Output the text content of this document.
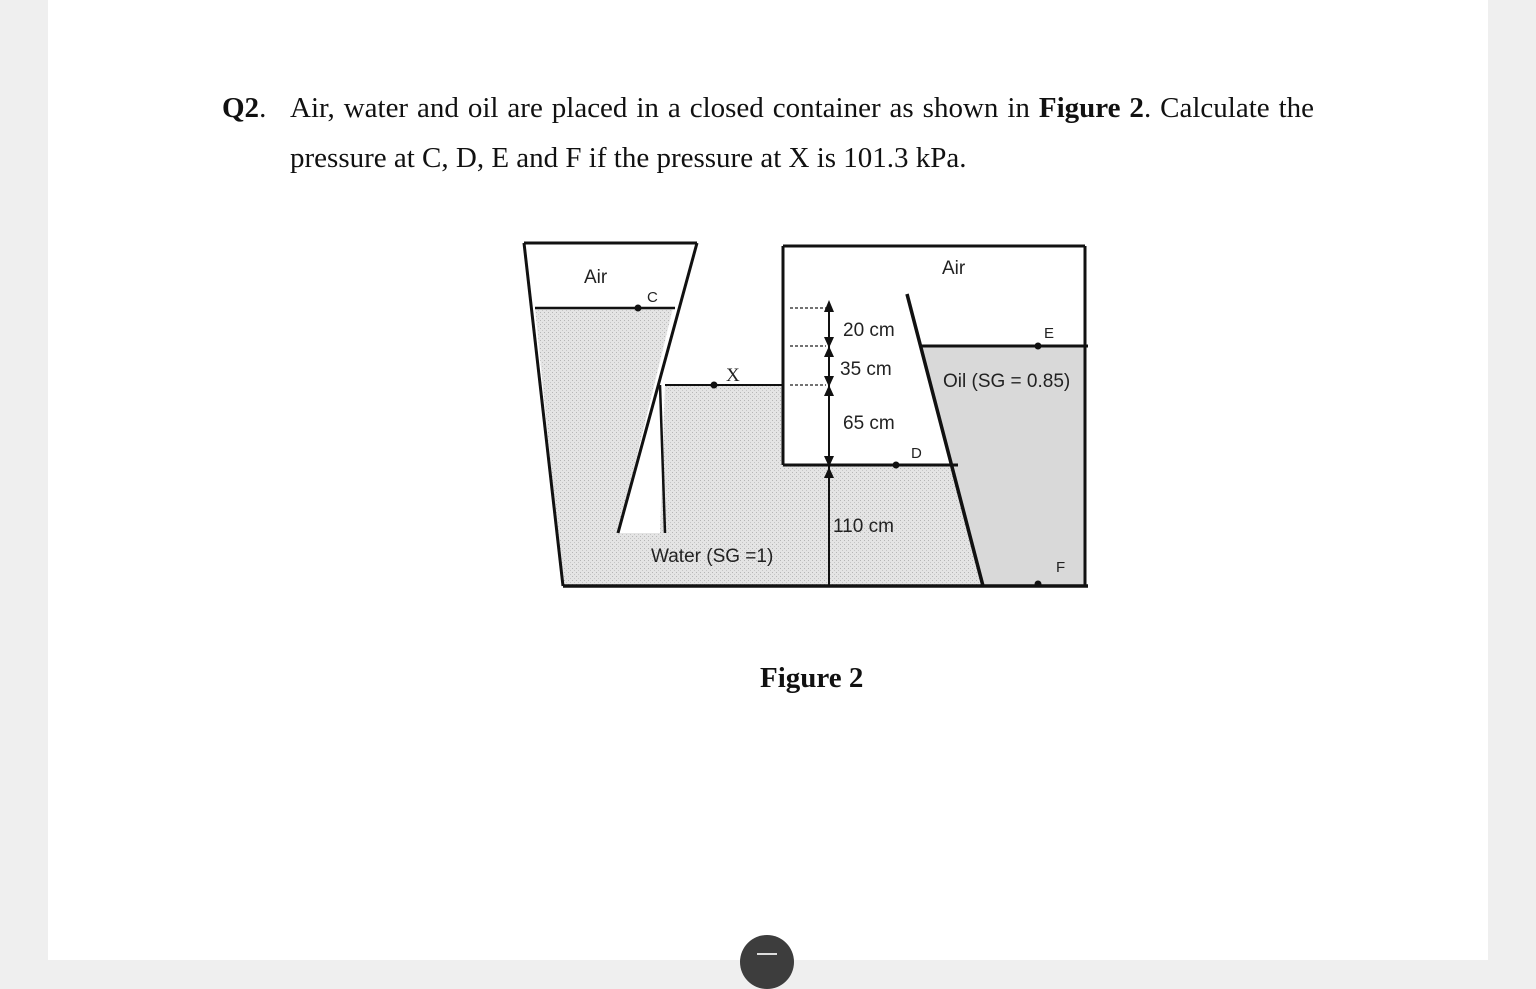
Q2. Air, water and oil are placed in a closed container as shown in Figure 2. Calculate the
pressure at C, D, E and F if the pressure at X is 101.3 kPa.
Air	Air
C
X
D
E
F
20 cm
35 cm
65 cm
110 cm
Water (SG =1)
Oil (SG = 0.85)
Figure 2
